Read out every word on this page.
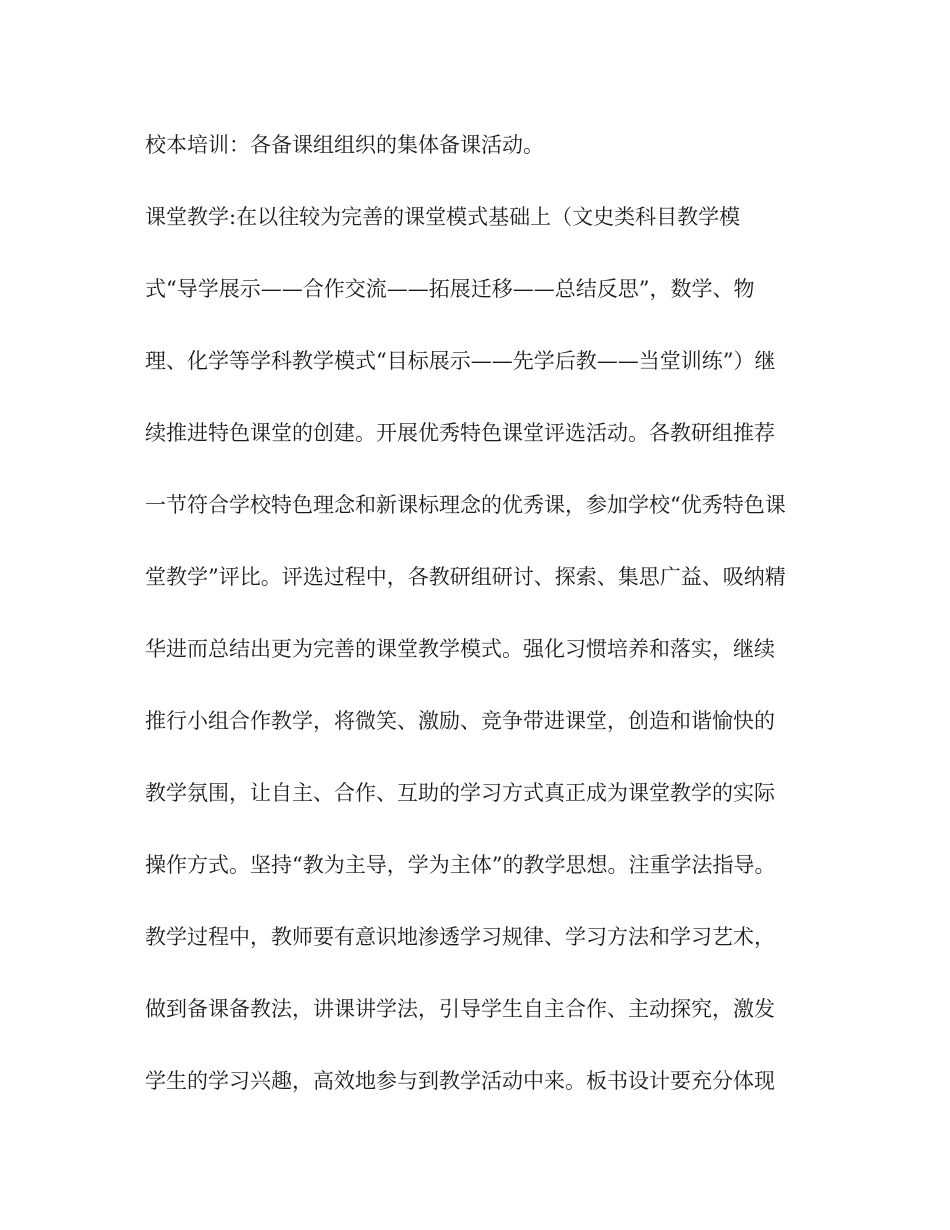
校本培训：各备课组组织的集体备课活动。
课堂教学:在以往较为完善的课堂模式基础上（文史类科目教学模
式“导学展示——合作交流——拓展迁移——总结反思”，数学、物
理、化学等学科教学模式“目标展示——先学后教——当堂训练”）继
续推进特色课堂的创建。开展优秀特色课堂评选活动。各教研组推荐
一节符合学校特色理念和新课标理念的优秀课，参加学校“优秀特色课
堂教学”评比。评选过程中，各教研组研讨、探索、集思广益、吸纳精
华进而总结出更为完善的课堂教学模式。强化习惯培养和落实，继续
推行小组合作教学，将微笑、激励、竞争带进课堂，创造和谐愉快的
教学氛围，让自主、合作、互助的学习方式真正成为课堂教学的实际
操作方式。坚持“教为主导，学为主体”的教学思想。注重学法指导。
教学过程中，教师要有意识地渗透学习规律、学习方法和学习艺术，
做到备课备教法，讲课讲学法，引导学生自主合作、主动探究，激发
学生的学习兴趣，高效地参与到教学活动中来。板书设计要充分体现
